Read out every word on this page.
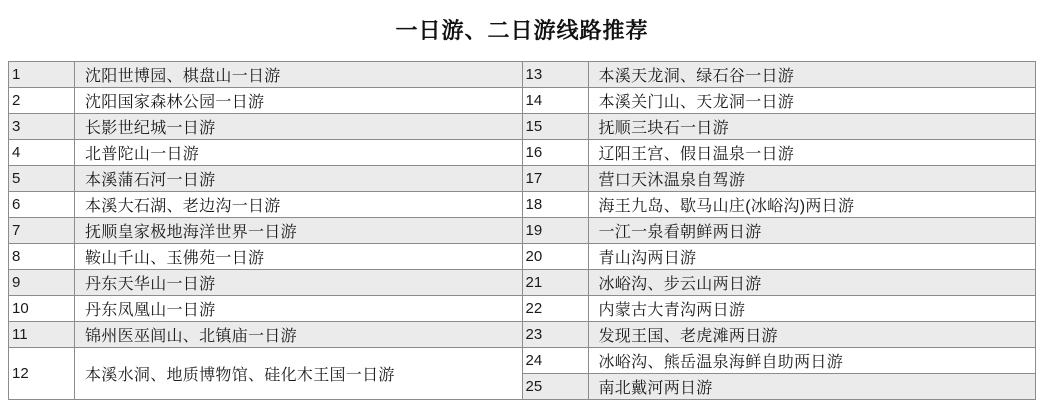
一日游、二日游线路推荐
1	沈阳世博园、棋盘山一日游
2	沈阳国家森林公园一日游
3	长影世纪城一日游
4	北普陀山一日游
5	本溪蒲石河一日游
6	本溪大石湖、老边沟一日游
7	抚顺皇家极地海洋世界一日游
8	鞍山千山、玉佛苑一日游
9	丹东天华山一日游
10	丹东凤凰山一日游
11	锦州医巫闾山、北镇庙一日游
12	本溪水洞、地质博物馆、硅化木王国一日游
13	本溪天龙洞、绿石谷一日游
14	本溪关门山、天龙洞一日游
15	抚顺三块石一日游
16	辽阳王宫、假日温泉一日游
17	营口天沐温泉自驾游
18	海王九岛、歇马山庄(冰峪沟)两日游
19	一江一泉看朝鲜两日游
20	青山沟两日游
21	冰峪沟、步云山两日游
22	内蒙古大青沟两日游
23	发现王国、老虎滩两日游
24	冰峪沟、熊岳温泉海鲜自助两日游
25	南北戴河两日游
